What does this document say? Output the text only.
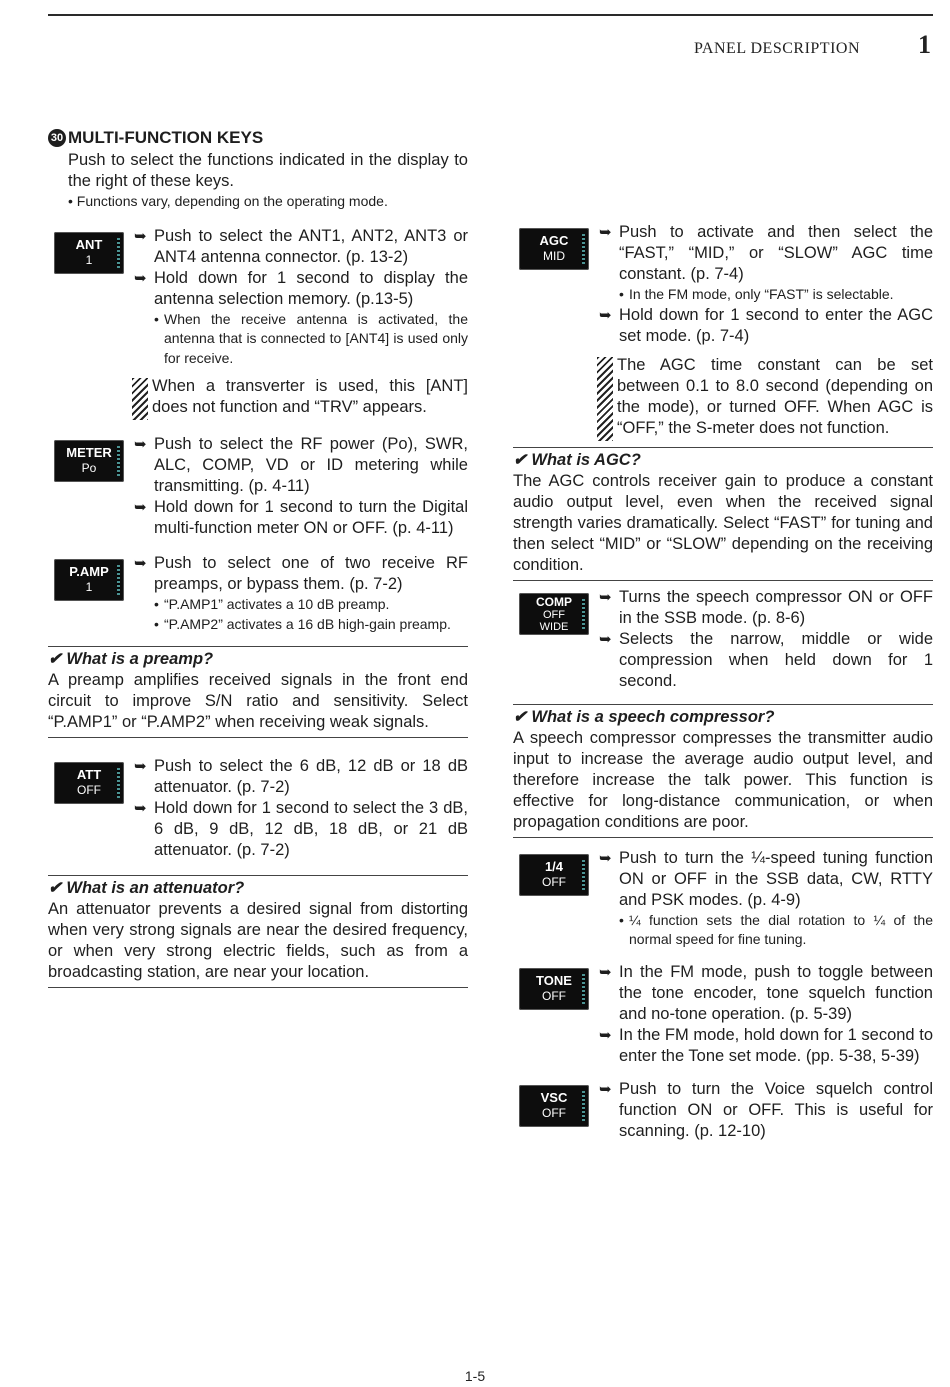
PANEL DESCRIPTION 1
30 MULTI-FUNCTION KEYS
Push to select the functions indicated in the display to the right of these keys.
• Functions vary, depending on the operating mode.
ANT
1
➥ Push to select the ANT1, ANT2, ANT3 or ANT4 antenna connector. (p. 13-2)
➥ Hold down for 1 second to display the antenna selection memory. (p.13-5)
• When the receive antenna is activated, the antenna that is connected to [ANT4] is used only for receive.
When a transverter is used, this [ANT] does not function and “TRV” appears.
METER
Po
➥ Push to select the RF power (Po), SWR, ALC, COMP, VD or ID metering while transmitting. (p. 4-11)
➥ Hold down for 1 second to turn the Digital multi-function meter ON or OFF. (p. 4-11)
P.AMP
1
➥ Push to select one of two receive RF preamps, or bypass them. (p. 7-2)
• “P.AMP1” activates a 10 dB preamp.
• “P.AMP2” activates a 16 dB high-gain preamp.
✔ What is a preamp?
A preamp amplifies received signals in the front end circuit to improve S/N ratio and sensitivity. Select “P.AMP1” or “P.AMP2” when receiving weak signals.
ATT
OFF
➥ Push to select the 6 dB, 12 dB or 18 dB attenuator. (p. 7-2)
➥ Hold down for 1 second to select the 3 dB, 6 dB, 9 dB, 12 dB, 18 dB, or 21 dB attenuator. (p. 7-2)
✔ What is an attenuator?
An attenuator prevents a desired signal from distorting when very strong signals are near the desired frequency, or when very strong electric fields, such as from a broadcasting station, are near your location.
AGC
MID
➥ Push to activate and then select the “FAST,” “MID,” or “SLOW” AGC time constant. (p. 7-4)
• In the FM mode, only “FAST” is selectable.
➥ Hold down for 1 second to enter the AGC set mode. (p. 7-4)
The AGC time constant can be set between 0.1 to 8.0 second (depending on the mode), or turned OFF. When AGC is “OFF,” the S-meter does not function.
✔ What is AGC?
The AGC controls receiver gain to produce a constant audio output level, even when the received signal strength varies dramatically. Select “FAST” for tuning and then select “MID” or “SLOW” depending on the receiving condition.
COMP
OFF
WIDE
➥ Turns the speech compressor ON or OFF in the SSB mode. (p. 8-6)
➥ Selects the narrow, middle or wide compression when held down for 1 second.
✔ What is a speech compressor?
A speech compressor compresses the transmitter audio input to increase the average audio output level, and therefore increase the talk power. This function is effective for long-distance communication, or when propagation conditions are poor.
1/4
OFF
➥ Push to turn the ¼-speed tuning function ON or OFF in the SSB data, CW, RTTY and PSK modes. (p. 4-9)
• ¼ function sets the dial rotation to ¼ of the normal speed for fine tuning.
TONE
OFF
➥ In the FM mode, push to toggle between the tone encoder, tone squelch function and no-tone operation. (p. 5-39)
➥ In the FM mode, hold down for 1 second to enter the Tone set mode. (pp. 5-38, 5-39)
VSC
OFF
➥ Push to turn the Voice squelch control function ON or OFF. This is useful for scanning. (p. 12-10)
1-5
